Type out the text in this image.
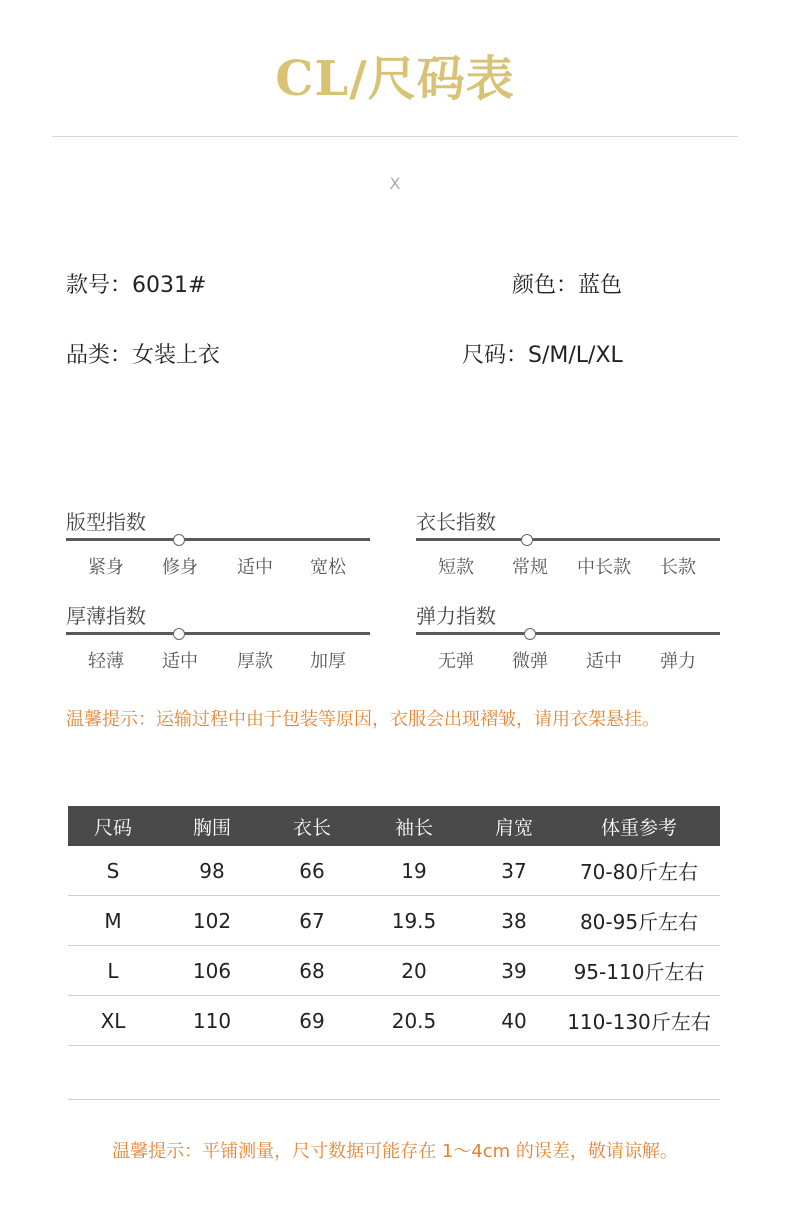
CL/尺码表
X
款号：6031#	颜色：蓝色
品类：女装上衣	尺码：S/M/L/XL
版型指数
紧身	修身	适中	宽松
衣长指数
短款	常规	中长款	长款
厚薄指数
轻薄	适中	厚款	加厚
弹力指数
无弹	微弹	适中	弹力
温馨提示：运输过程中由于包装等原因，衣服会出现褶皱，请用衣架悬挂。
尺码	胸围	衣长	袖长	肩宽	体重参考
S	98	66	19	37	70-80斤左右
M	102	67	19.5	38	80-95斤左右
L	106	68	20	39	95-110斤左右
XL	110	69	20.5	40	110-130斤左右
温馨提示：平铺测量，尺寸数据可能存在 1～4cm 的误差，敬请谅解。
